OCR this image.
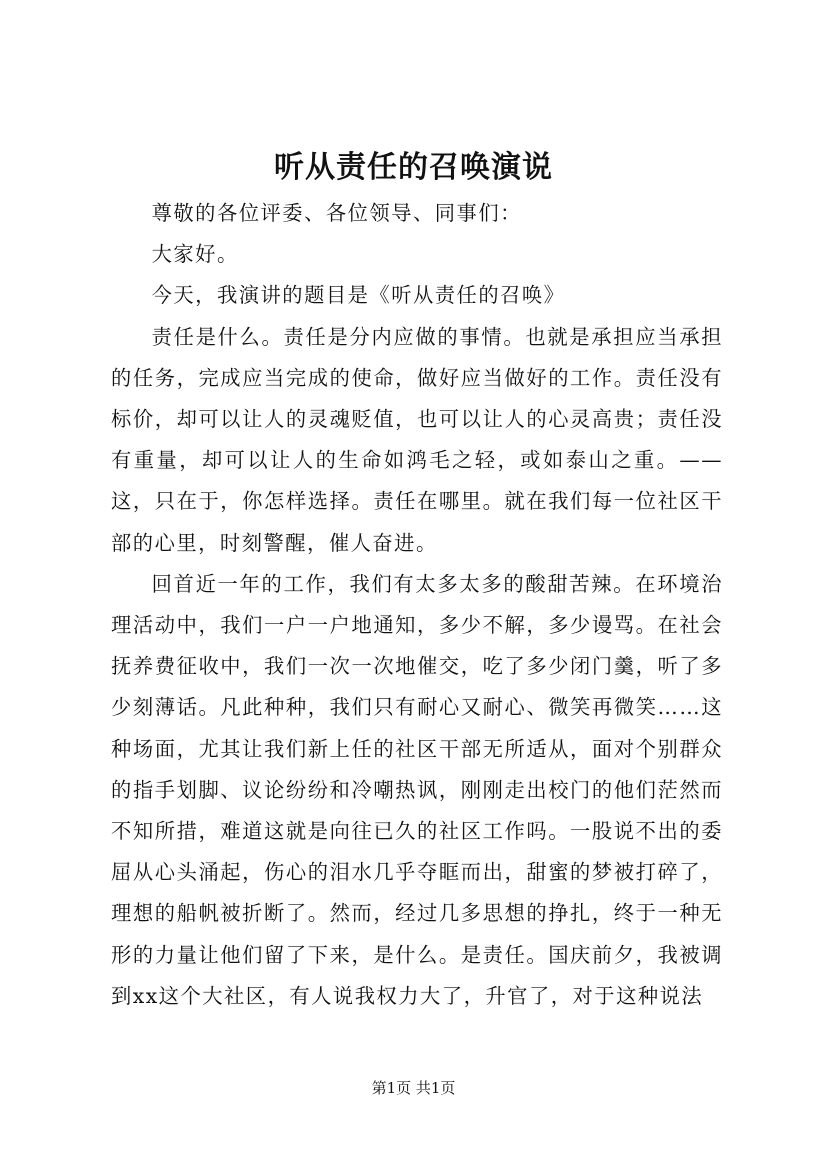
听从责任的召唤演说

尊敬的各位评委、各位领导、同事们：

大家好。

今天，我演讲的题目是《听从责任的召唤》

责任是什么。责任是分内应做的事情。也就是承担应当承担的任务，完成应当完成的使命，做好应当做好的工作。责任没有标价，却可以让人的灵魂贬值，也可以让人的心灵高贵；责任没有重量，却可以让人的生命如鸿毛之轻，或如泰山之重。——这，只在于，你怎样选择。责任在哪里。就在我们每一位社区干部的心里，时刻警醒，催人奋进。

回首近一年的工作，我们有太多太多的酸甜苦辣。在环境治理活动中，我们一户一户地通知，多少不解，多少谩骂。在社会抚养费征收中，我们一次一次地催交，吃了多少闭门羹，听了多少刻薄话。凡此种种，我们只有耐心又耐心、微笑再微笑……这种场面，尤其让我们新上任的社区干部无所适从，面对个别群众的指手划脚、议论纷纷和冷嘲热讽，刚刚走出校门的他们茫然而不知所措，难道这就是向往已久的社区工作吗。一股说不出的委屈从心头涌起，伤心的泪水几乎夺眶而出，甜蜜的梦被打碎了，理想的船帆被折断了。然而，经过几多思想的挣扎，终于一种无形的力量让他们留了下来，是什么。是责任。国庆前夕，我被调到xx这个大社区，有人说我权力大了，升官了，对于这种说法

第1页 共1页
